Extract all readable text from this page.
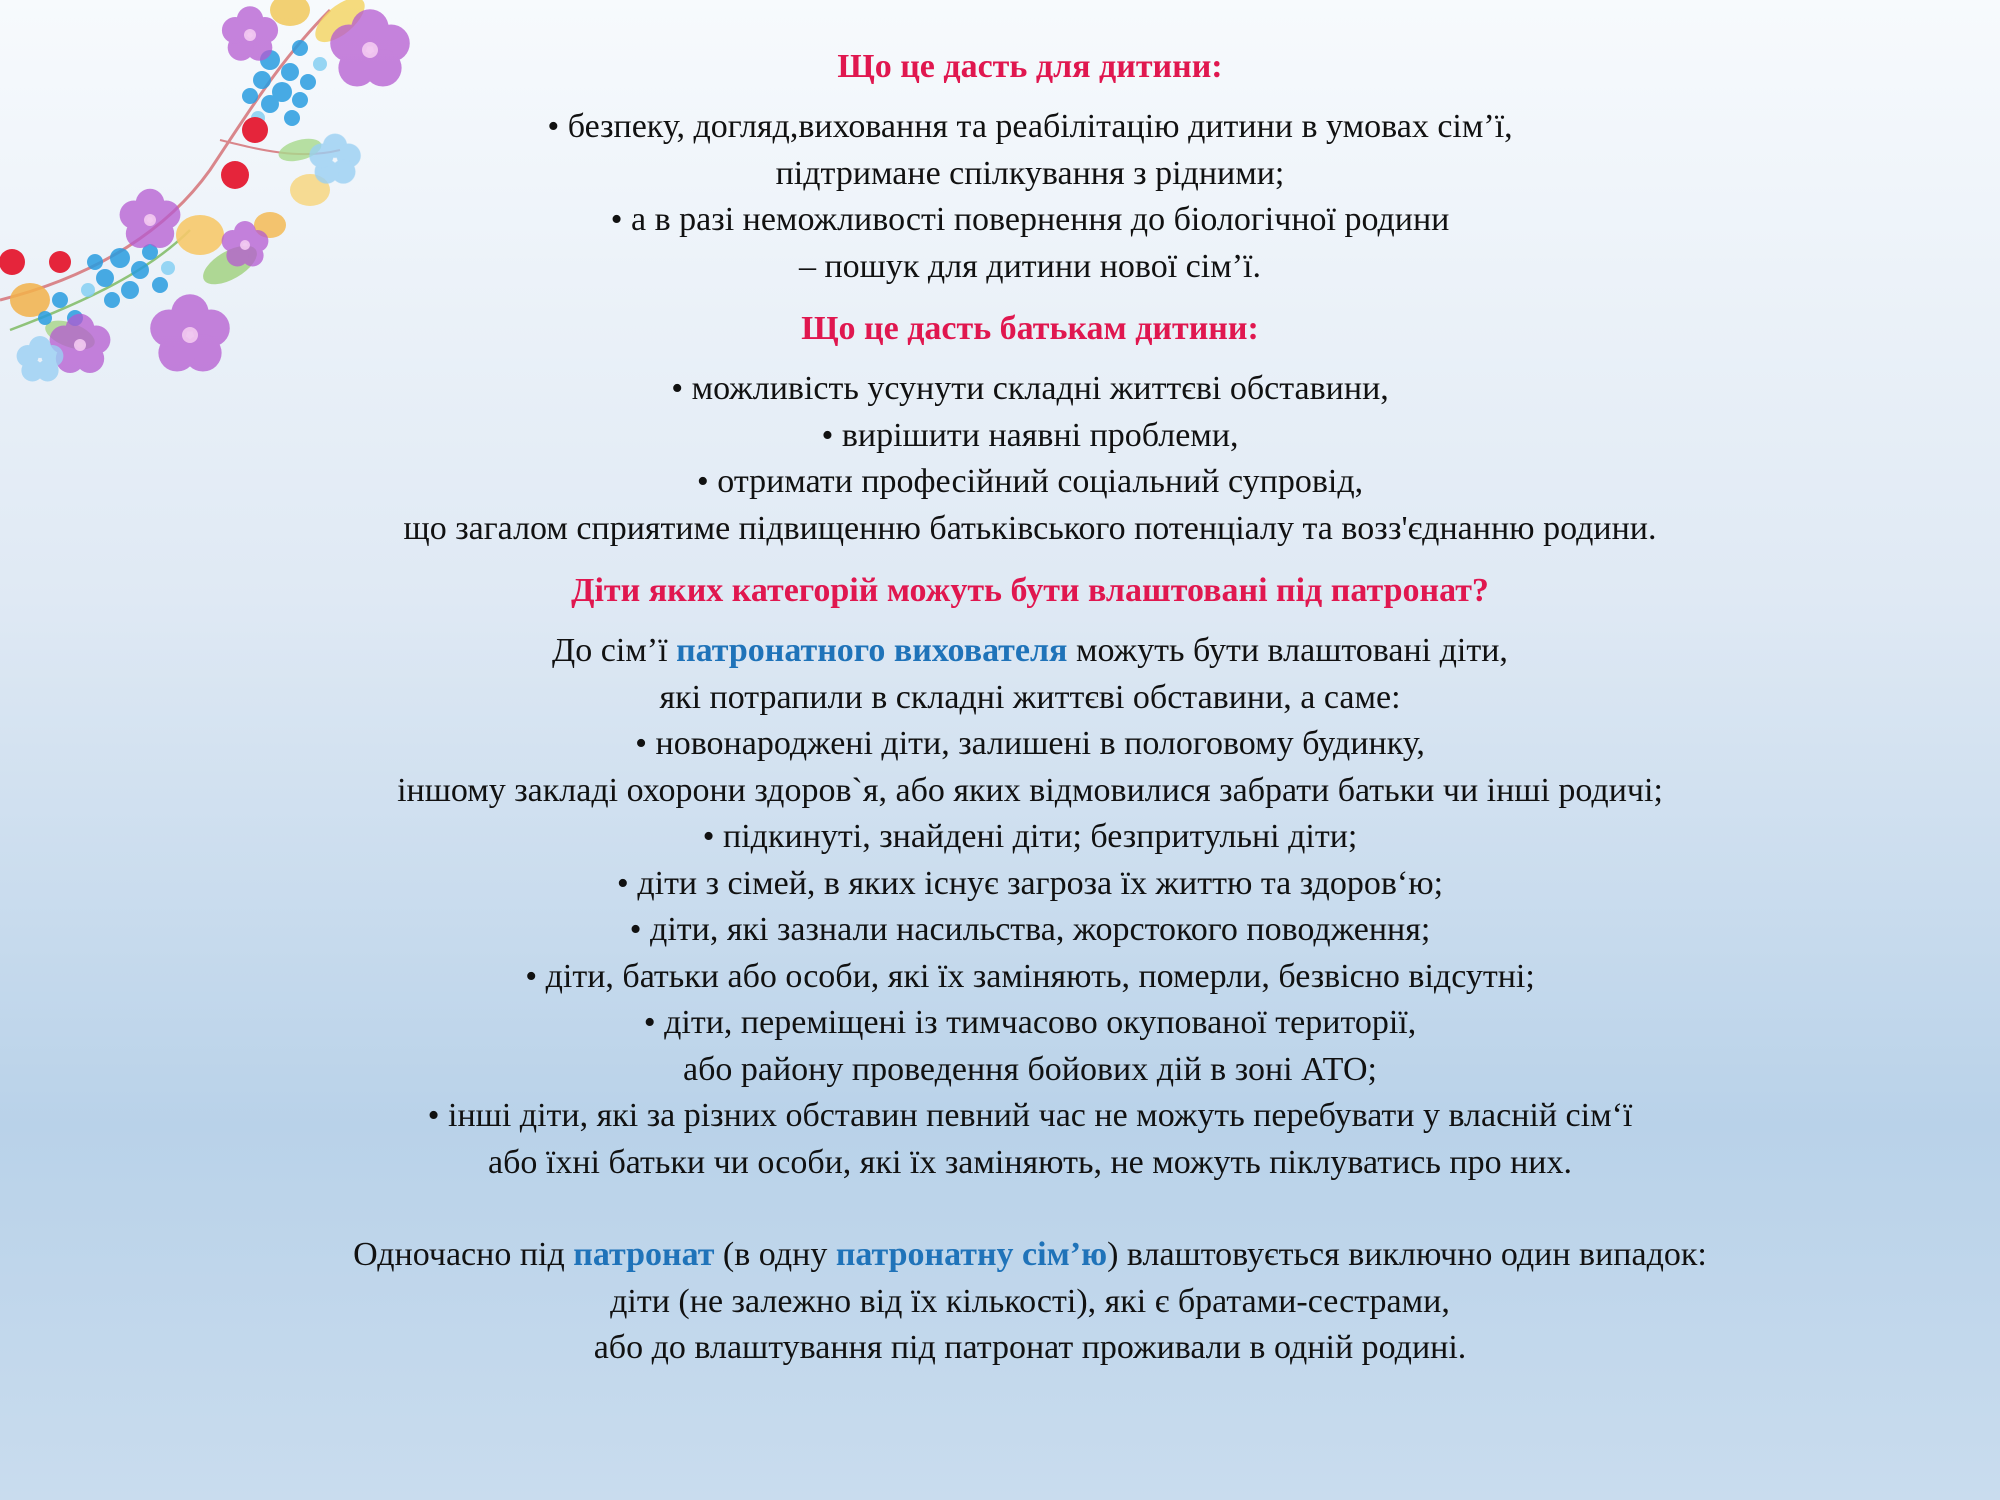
Що це дасть для дитини:
• безпеку, догляд,виховання та реабілітацію дитини в умовах сім’ї,
підтримане спілкування з рідними;
• а в разі неможливості повернення до біологічної родини
– пошук для дитини нової сім’ї.
Що це дасть батькам дитини:
• можливість усунути складні життєві обставини,
• вирішити наявні проблеми,
• отримати професійний соціальний супровід,
що загалом сприятиме підвищенню батьківського потенціалу та возз'єднанню родини.
Діти яких категорій можуть бути влаштовані під патронат?
До сім’ї патронатного вихователя можуть бути влаштовані діти,
які потрапили в складні життєві обставини, а саме:
• новонароджені діти, залишені в пологовому будинку,
іншому закладі охорони здоров`я, або яких відмовилися забрати батьки чи інші родичі;
• підкинуті, знайдені діти; безпритульні діти;
• діти з сімей, в яких існує загроза їх життю та здоров‘ю;
• діти, які зазнали насильства, жорстокого поводження;
• діти, батьки або особи, які їх заміняють, померли, безвісно відсутні;
• діти, переміщені із тимчасово окупованої території,
або району проведення бойових дій в зоні АТО;
• інші діти, які за різних обставин певний час не можуть перебувати у власній сім‘ї
або їхні батьки чи особи, які їх заміняють, не можуть піклуватись про них.
Одночасно під патронат (в одну патронатну сім’ю) влаштовується виключно один випадок:
діти (не залежно від їх кількості), які є братами-сестрами,
або до влаштування під патронат проживали в одній родині.
